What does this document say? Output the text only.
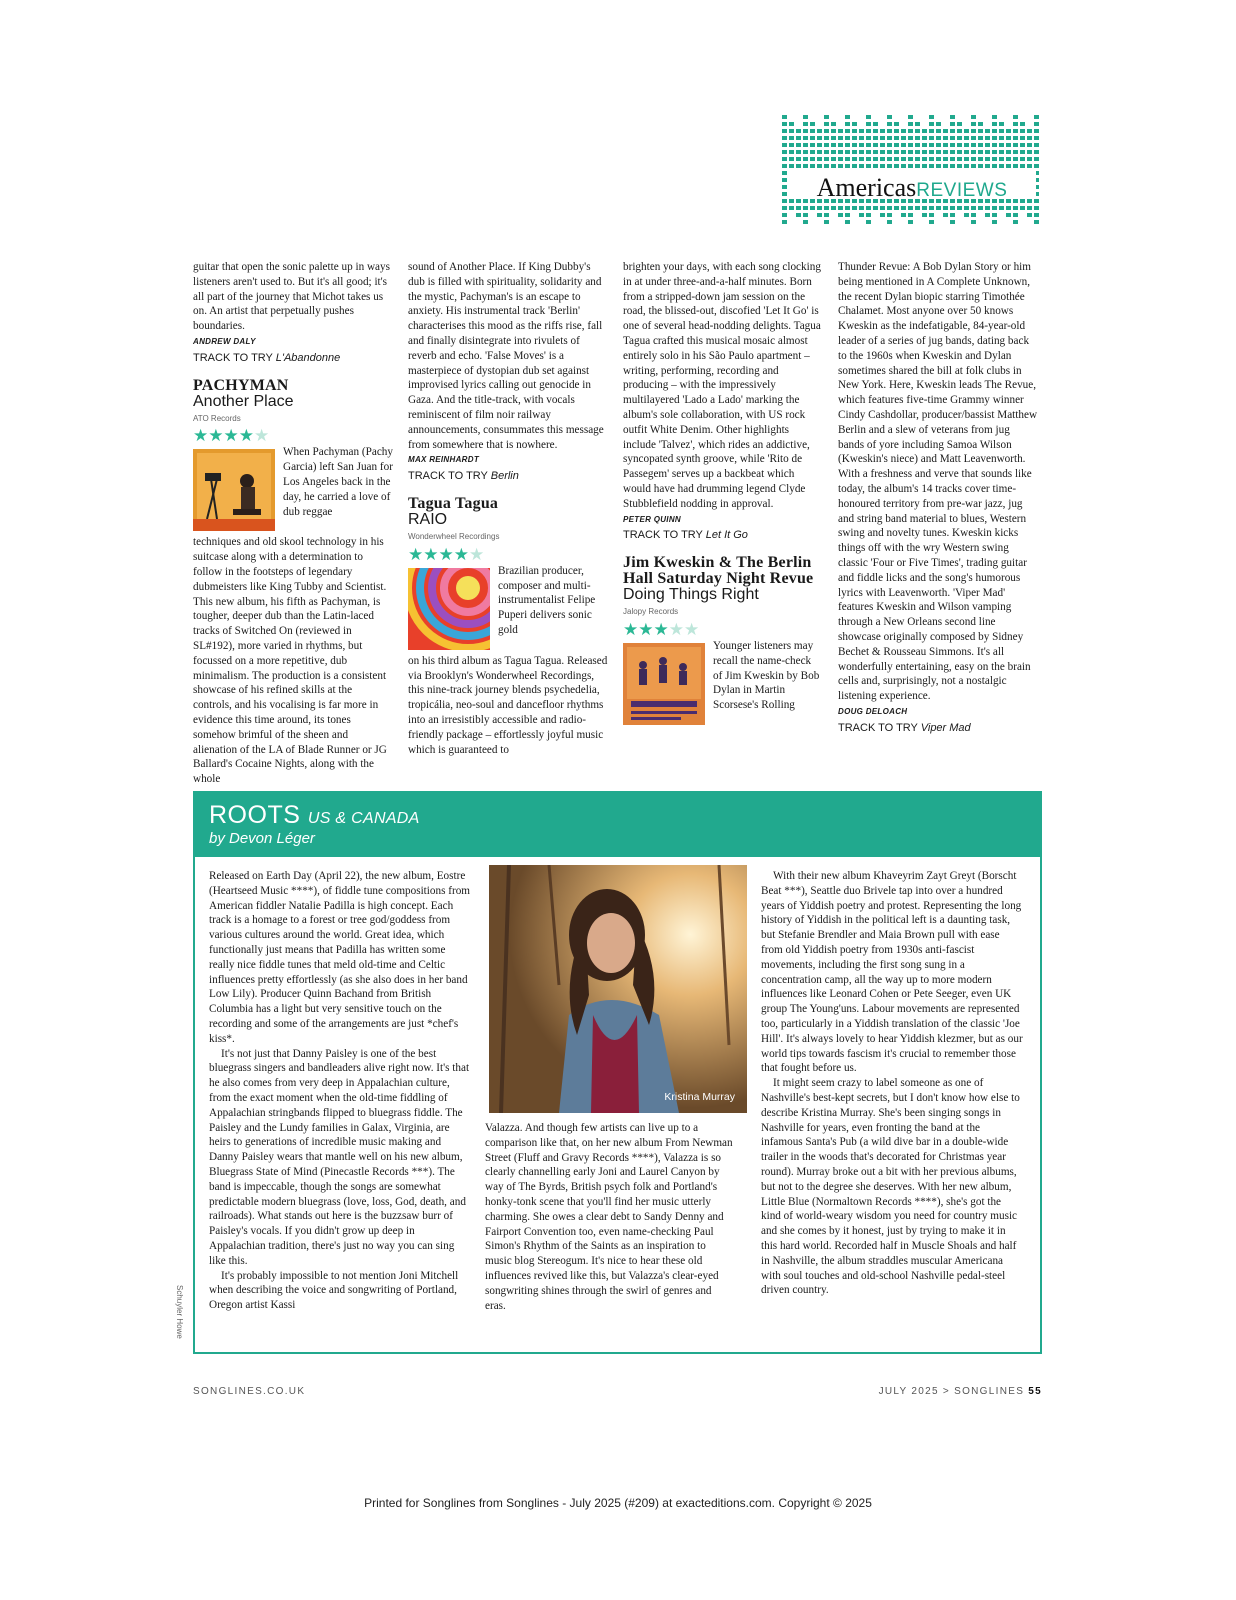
AmericasREVIEWS

guitar that open the sonic palette up in ways listeners aren't used to. But it's all good; it's all part of the journey that Michot takes us on. An artist that perpetually pushes boundaries.

ANDREW DALY
TRACK TO TRY L'Abandonne
PACHYMAN
Another Place
ATO Records
★★★★★

When Pachyman (Pachy Garcia) left San Juan for Los Angeles back in the day, he carried a love of dub reggae

techniques and old skool technology in his suitcase along with a determination to follow in the footsteps of legendary dubmeisters like King Tubby and Scientist. This new album, his fifth as Pachyman, is tougher, deeper dub than the Latin-laced tracks of Switched On (reviewed in SL#192), more varied in rhythms, but focussed on a more repetitive, dub minimalism. The production is a consistent showcase of his refined skills at the controls, and his vocalising is far more in evidence this time around, its tones somehow brimful of the sheen and alienation of the LA of Blade Runner or JG Ballard's Cocaine Nights, along with the whole

sound of Another Place. If King Dubby's dub is filled with spirituality, solidarity and the mystic, Pachyman's is an escape to anxiety. His instrumental track 'Berlin' characterises this mood as the riffs rise, fall and finally disintegrate into rivulets of reverb and echo. 'False Moves' is a masterpiece of dystopian dub set against improvised lyrics calling out genocide in Gaza. And the title-track, with vocals reminiscent of film noir railway announcements, consummates this message from somewhere that is nowhere.

MAX REINHARDT
TRACK TO TRY Berlin
Tagua Tagua
RAIO
Wonderwheel Recordings
★★★★★

Brazilian producer, composer and multi-instrumentalist Felipe Puperi delivers sonic gold

on his third album as Tagua Tagua. Released via Brooklyn's Wonderwheel Recordings, this nine-track journey blends psychedelia, tropicália, neo-soul and dancefloor rhythms into an irresistibly accessible and radio-friendly package – effortlessly joyful music which is guaranteed to

brighten your days, with each song clocking in at under three-and-a-half minutes. Born from a stripped-down jam session on the road, the blissed-out, discofied 'Let It Go' is one of several head-nodding delights. Tagua Tagua crafted this musical mosaic almost entirely solo in his São Paulo apartment – writing, performing, recording and producing – with the impressively multilayered 'Lado a Lado' marking the album's sole collaboration, with US rock outfit White Denim. Other highlights include 'Talvez', which rides an addictive, syncopated synth groove, while 'Rito de Passegem' serves up a backbeat which would have had drumming legend Clyde Stubblefield nodding in approval.

PETER QUINN
TRACK TO TRY Let It Go
Jim Kweskin & The Berlin Hall Saturday Night Revue
Doing Things Right
Jalopy Records
★★★★★

Younger listeners may recall the name-check of Jim Kweskin by Bob Dylan in Martin Scorsese's Rolling

Thunder Revue: A Bob Dylan Story or him being mentioned in A Complete Unknown, the recent Dylan biopic starring Timothée Chalamet. Most anyone over 50 knows Kweskin as the indefatigable, 84-year-old leader of a series of jug bands, dating back to the 1960s when Kweskin and Dylan sometimes shared the bill at folk clubs in New York. Here, Kweskin leads The Revue, which features five-time Grammy winner Cindy Cashdollar, producer/bassist Matthew Berlin and a slew of veterans from jug bands of yore including Samoa Wilson (Kweskin's niece) and Matt Leavenworth. With a freshness and verve that sounds like today, the album's 14 tracks cover time-honoured territory from pre-war jazz, jug and string band material to blues, Western swing and novelty tunes. Kweskin kicks things off with the wry Western swing classic 'Four or Five Times', trading guitar and fiddle licks and the song's humorous lyrics with Leavenworth. 'Viper Mad' features Kweskin and Wilson vamping through a New Orleans second line showcase originally composed by Sidney Bechet & Rousseau Simmons. It's all wonderfully entertaining, easy on the brain cells and, surprisingly, not a nostalgic listening experience.

DOUG DELOACH
TRACK TO TRY Viper Mad
ROOTS US & CANADA
by Devon Léger

Released on Earth Day (April 22), the new album, Eostre (Heartseed Music ****), of fiddle tune compositions from American fiddler Natalie Padilla is high concept. Each track is a homage to a forest or tree god/goddess from various cultures around the world. Great idea, which functionally just means that Padilla has written some really nice fiddle tunes that meld old-time and Celtic influences pretty effortlessly (as she also does in her band Low Lily). Producer Quinn Bachand from British Columbia has a light but very sensitive touch on the recording and some of the arrangements are just *chef's kiss*.

It's not just that Danny Paisley is one of the best bluegrass singers and bandleaders alive right now. It's that he also comes from very deep in Appalachian culture, from the exact moment when the old-time fiddling of Appalachian stringbands flipped to bluegrass fiddle. The Paisley and the Lundy families in Galax, Virginia, are heirs to generations of incredible music making and Danny Paisley wears that mantle well on his new album, Bluegrass State of Mind (Pinecastle Records ***). The band is impeccable, though the songs are somewhat predictable modern bluegrass (love, loss, God, death, and railroads). What stands out here is the buzzsaw burr of Paisley's vocals. If you didn't grow up deep in Appalachian tradition, there's just no way you can sing like this.

It's probably impossible to not mention Joni Mitchell when describing the voice and songwriting of Portland, Oregon artist Kassi

Kristina Murray

Valazza. And though few artists can live up to a comparison like that, on her new album From Newman Street (Fluff and Gravy Records ****), Valazza is so clearly channelling early Joni and Laurel Canyon by way of The Byrds, British psych folk and Portland's honky-tonk scene that you'll find her music utterly charming. She owes a clear debt to Sandy Denny and Fairport Convention too, even name-checking Paul Simon's Rhythm of the Saints as an inspiration to music blog Stereogum. It's nice to hear these old influences revived like this, but Valazza's clear-eyed songwriting shines through the swirl of genres and eras.

With their new album Khaveyrim Zayt Greyt (Borscht Beat ***), Seattle duo Brivele tap into over a hundred years of Yiddish poetry and protest. Representing the long history of Yiddish in the political left is a daunting task, but Stefanie Brendler and Maia Brown pull with ease from old Yiddish poetry from 1930s anti-fascist movements, including the first song sung in a concentration camp, all the way up to more modern influences like Leonard Cohen or Pete Seeger, even UK group The Young'uns. Labour movements are represented too, particularly in a Yiddish translation of the classic 'Joe Hill'. It's always lovely to hear Yiddish klezmer, but as our world tips towards fascism it's crucial to remember those that fought before us.

It might seem crazy to label someone as one of Nashville's best-kept secrets, but I don't know how else to describe Kristina Murray. She's been singing songs in Nashville for years, even fronting the band at the infamous Santa's Pub (a wild dive bar in a double-wide trailer in the woods that's decorated for Christmas year round). Murray broke out a bit with her previous albums, but not to the degree she deserves. With her new album, Little Blue (Normaltown Records ****), she's got the kind of world-weary wisdom you need for country music and she comes by it honest, just by trying to make it in this hard world. Recorded half in Muscle Shoals and half in Nashville, the album straddles muscular Americana with soul touches and old-school Nashville pedal-steel driven country.

Schuyler Howe
SONGLINES.CO.UK	JULY 2025 > SONGLINES 55
Printed for Songlines from Songlines - July 2025 (#209) at exacteditions.com. Copyright © 2025
